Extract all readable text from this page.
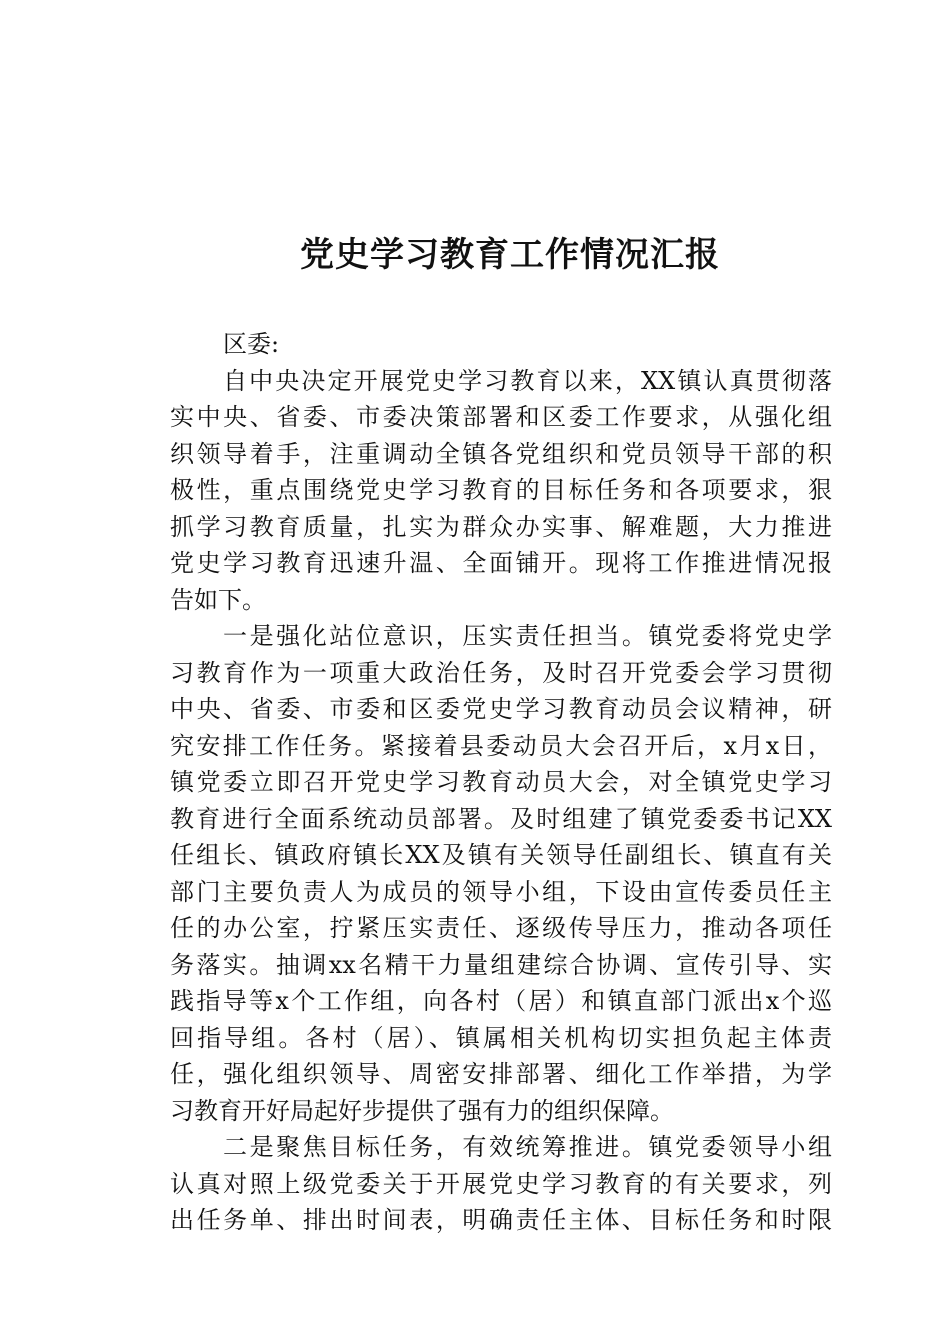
党史学习教育工作情况汇报

区委:

自中央决定开展党史学习教育以来，XX镇认真贯彻落

实中央、省委、市委决策部署和区委工作要求，从强化组

织领导着手，注重调动全镇各党组织和党员领导干部的积

极性，重点围绕党史学习教育的目标任务和各项要求，狠

抓学习教育质量，扎实为群众办实事、解难题，大力推进

党史学习教育迅速升温、全面铺开。现将工作推进情况报

告如下。

一是强化站位意识，压实责任担当。镇党委将党史学

习教育作为一项重大政治任务，及时召开党委会学习贯彻

中央、省委、市委和区委党史学习教育动员会议精神，研

究安排工作任务。紧接着县委动员大会召开后，x月x日，

镇党委立即召开党史学习教育动员大会，对全镇党史学习

教育进行全面系统动员部署。及时组建了镇党委委书记XX

任组长、镇政府镇长XX及镇有关领导任副组长、镇直有关

部门主要负责人为成员的领导小组，下设由宣传委员任主

任的办公室，拧紧压实责任、逐级传导压力，推动各项任

务落实。抽调xx名精干力量组建综合协调、宣传引导、实

践指导等x个工作组，向各村（居）和镇直部门派出x个巡

回指导组。各村（居）、镇属相关机构切实担负起主体责

任，强化组织领导、周密安排部署、细化工作举措，为学

习教育开好局起好步提供了强有力的组织保障。

二是聚焦目标任务，有效统筹推进。镇党委领导小组

认真对照上级党委关于开展党史学习教育的有关要求，列

出任务单、排出时间表，明确责任主体、目标任务和时限
